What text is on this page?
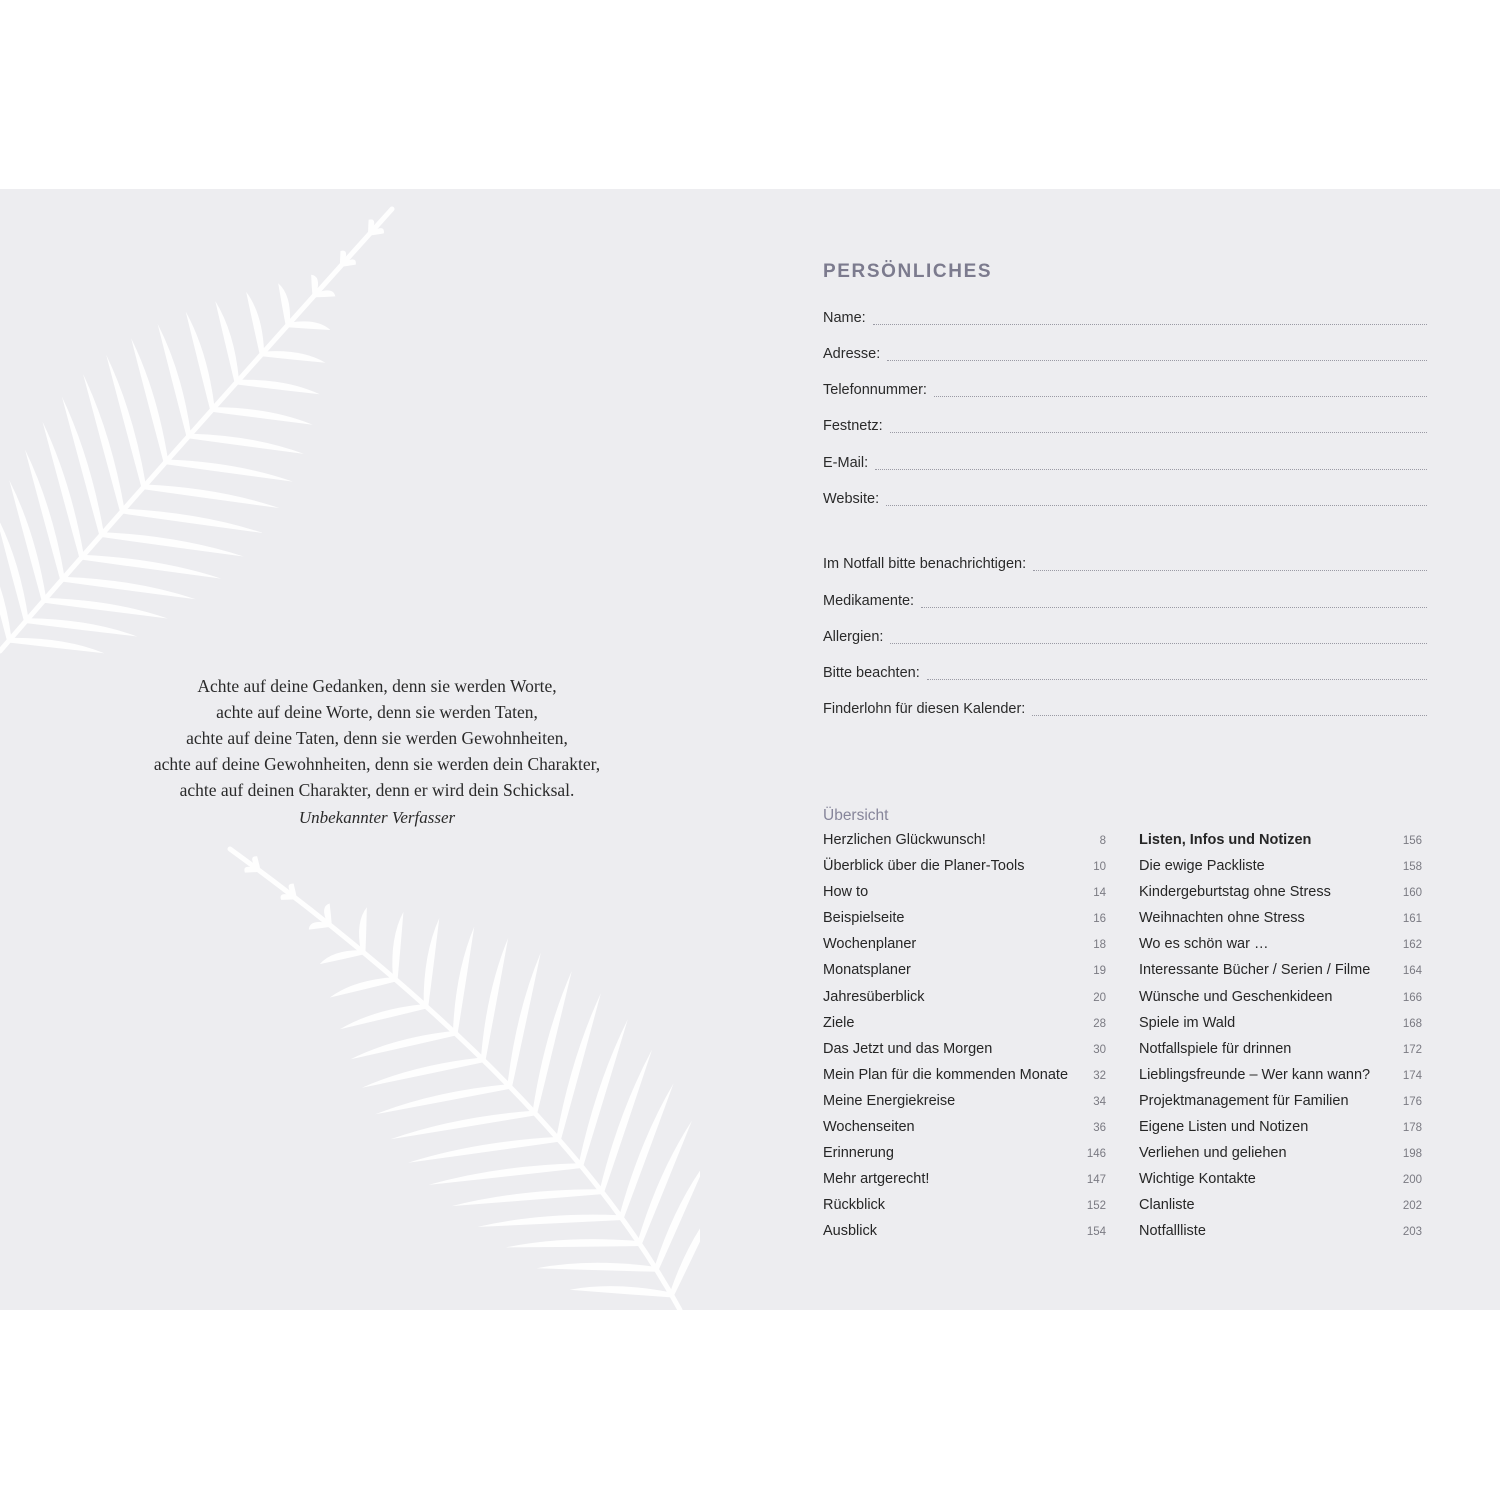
Achte auf deine Gedanken, denn sie werden Worte,
achte auf deine Worte, denn sie werden Taten,
achte auf deine Taten, denn sie werden Gewohnheiten,
achte auf deine Gewohnheiten, denn sie werden dein Charakter,
achte auf deinen Charakter, denn er wird dein Schicksal.
Unbekannter Verfasser
PERSÖNLICHES
Name:
Adresse:
Telefonnummer:
Festnetz:
E-Mail:
Website:
Im Notfall bitte benachrichtigen:
Medikamente:
Allergien:
Bitte beachten:
Finderlohn für diesen Kalender:
Übersicht
Herzlichen Glückwunsch!	8
Überblick über die Planer-Tools	10
How to	14
Beispielseite	16
Wochenplaner	18
Monatsplaner	19
Jahresüberblick	20
Ziele	28
Das Jetzt und das Morgen	30
Mein Plan für die kommenden Monate 32
Meine Energiekreise	34
Wochenseiten	36
Erinnerung	146
Mehr artgerecht!	147
Rückblick	152
Ausblick	154
Listen, Infos und Notizen	156
Die ewige Packliste	158
Kindergeburtstag ohne Stress	160
Weihnachten ohne Stress	161
Wo es schön war …	162
Interessante Bücher / Serien / Filme	164
Wünsche und Geschenkideen	166
Spiele im Wald	168
Notfallspiele für drinnen	172
Lieblingsfreunde – Wer kann wann?	174
Projektmanagement für Familien	176
Eigene Listen und Notizen	178
Verliehen und geliehen	198
Wichtige Kontakte	200
Clanliste	202
Notfallliste	203
